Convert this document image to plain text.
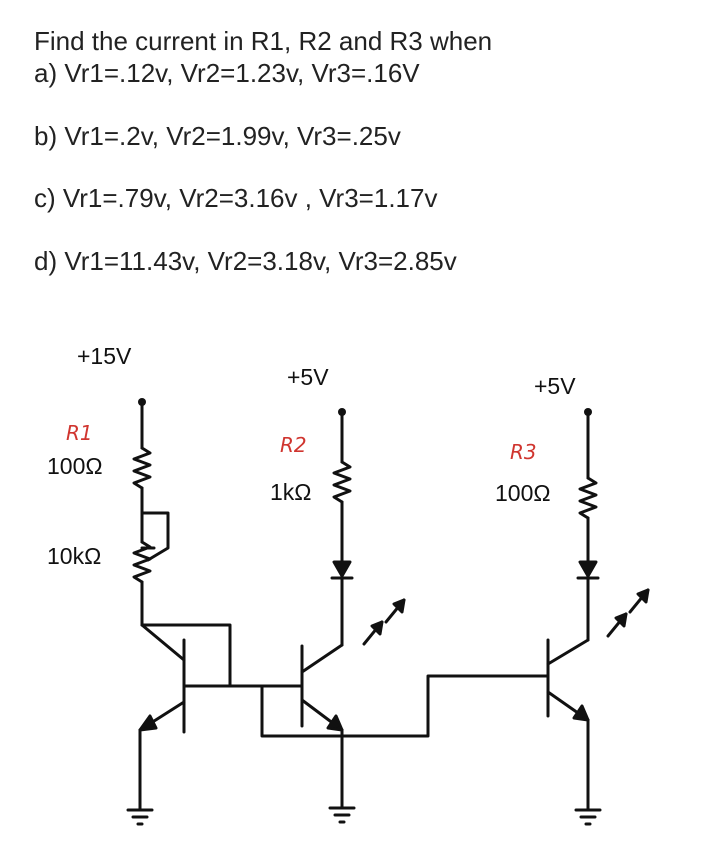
Find the current in R1, R2 and R3 when
a) Vr1=.12v, Vr2=1.23v, Vr3=.16V
b) Vr1=.2v, Vr2=1.99v, Vr3=.25v
c) Vr1=.79v, Vr2=3.16v , Vr3=1.17v
d) Vr1=11.43v, Vr2=3.18v, Vr3=2.85v
+15V
+5V	+5V
R1
100Ω
10kΩ
R2
1kΩ
R3
100Ω
